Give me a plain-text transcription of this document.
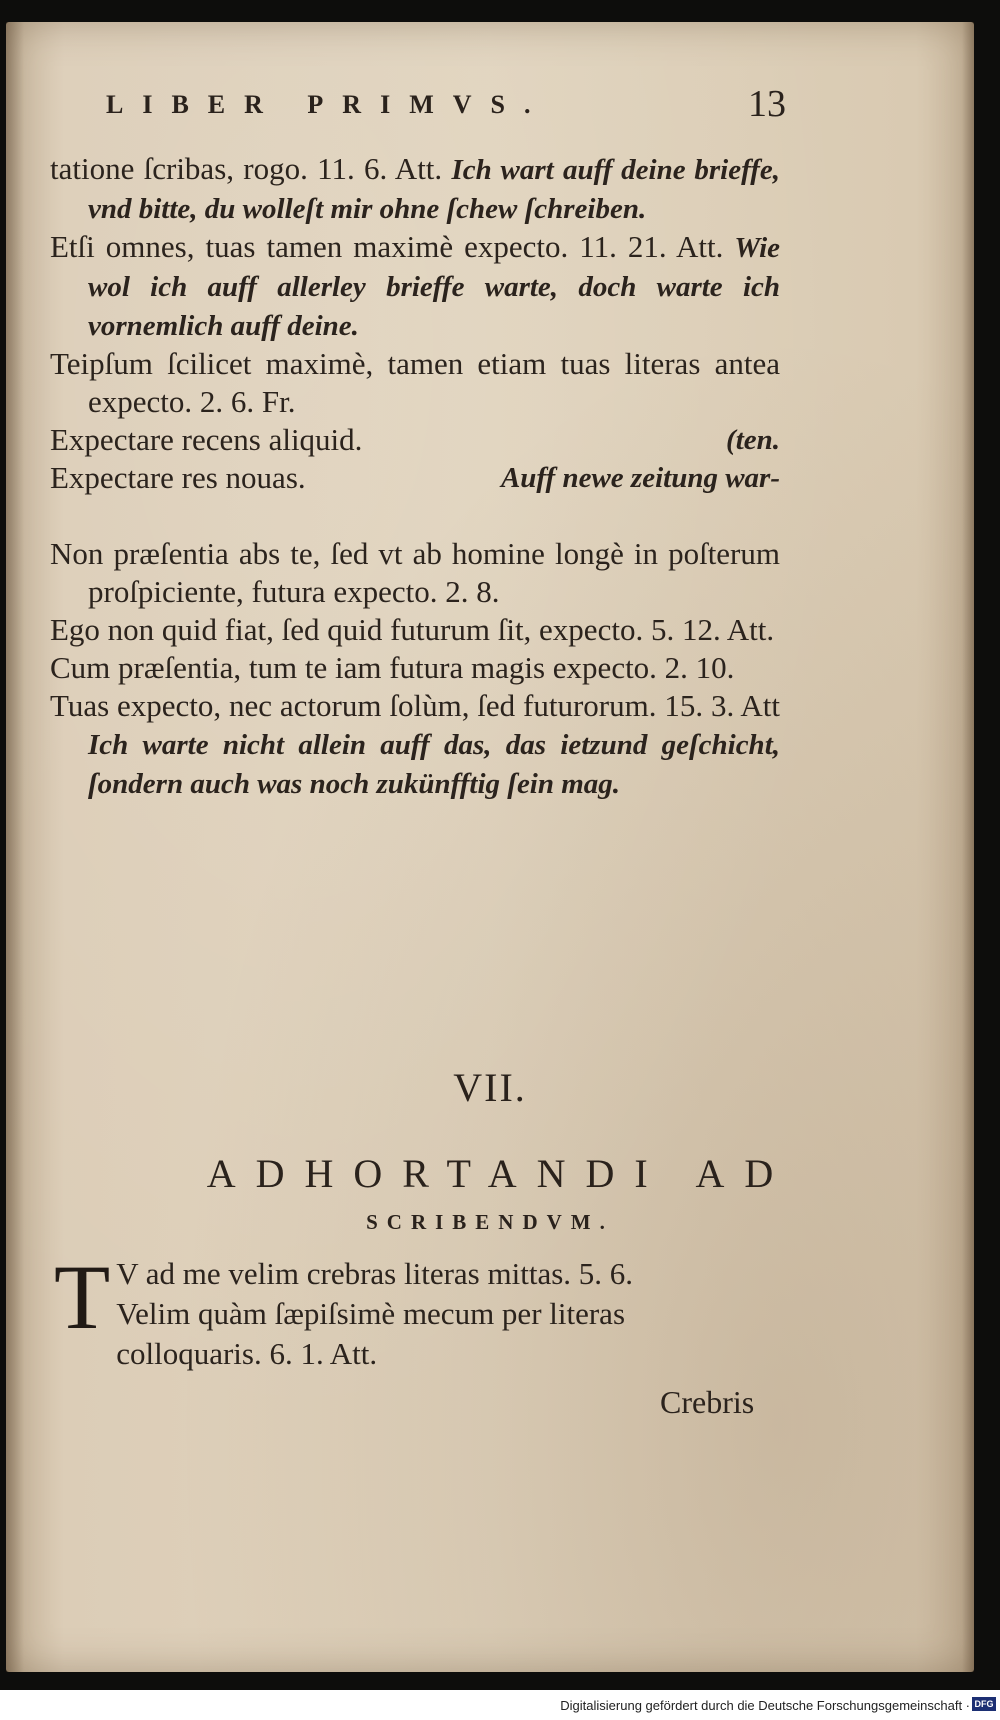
LIBER PRIMVS.	13

tatione ſcribas, rogo. 11. 6. Att. Ich wart auff deine brieffe, vnd bitte, du wolleſt mir ohne ſchew ſchreiben.

Etſi omnes, tuas tamen maximè expecto. 11. 21. Att. Wie wol ich auff allerley brieffe warte, doch warte ich vornemlich auff deine.

Teipſum ſcilicet maximè, tamen etiam tuas literas antea expecto. 2. 6. Fr.

Expectare recens aliquid.	(ten.

Expectare res nouas.	Auff newe zeitung war-

Non præſentia abs te, ſed vt ab homine longè in poſterum proſpiciente, futura expecto. 2. 8.

Ego non quid fiat, ſed quid futurum ſit, expecto. 5. 12. Att.

Cum præſentia, tum te iam futura magis expecto. 2. 10.

Tuas expecto, nec actorum ſolùm, ſed futurorum. 15. 3. Att Ich warte nicht allein auff das, das ietzund geſchicht, ſondern auch was noch zukünfftig ſein mag.

VII.
ADHORTANDI AD
SCRIBENDVM.
T V ad me velim crebras literas mittas. 5. 6.
Velim quàm ſæpiſsimè mecum per literas
colloquaris. 6. 1. Att.
Crebris
Digitalisierung gefördert durch die Deutsche Forschungsgemeinschaft · DFG
